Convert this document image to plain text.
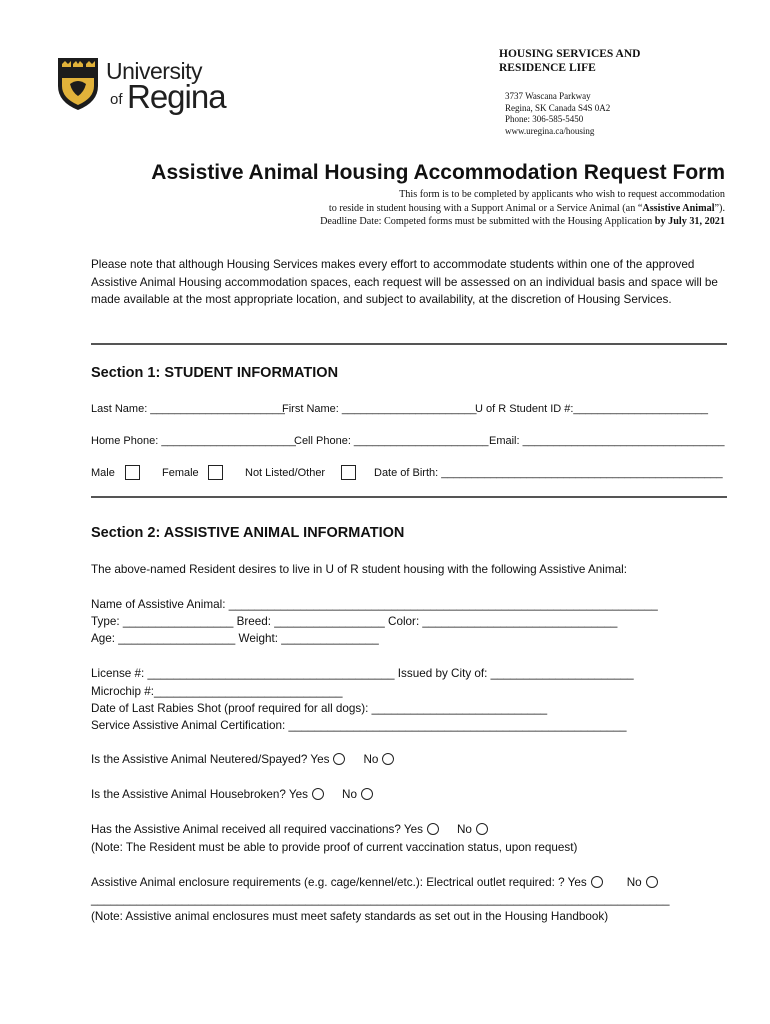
University
of Regina
HOUSING SERVICES AND
RESIDENCE LIFE
3737 Wascana Parkway
Regina, SK Canada S4S 0A2
Phone: 306-585-5450
www.uregina.ca/housing
Assistive Animal Housing Accommodation Request Form
This form is to be completed by applicants who wish to request accommodation
to reside in student housing with a Support Animal or a Service Animal (an “Assistive Animal”).
Deadline Date: Competed forms must be submitted with the Housing Application by July 31, 2021
Please note that although Housing Services makes every effort to accommodate students within one of the approved Assistive Animal Housing accommodation spaces, each request will be assessed on an individual basis and space will be made available at the most appropriate location, and subject to availability, at the discretion of Housing Services.
Section 1: STUDENT INFORMATION
Last Name: ______________________
First Name: ______________________
U of R Student ID #:______________________
Home Phone: ______________________
Cell Phone: ______________________ Email: _________________________________
Male	Female	Not Listed/Other	Date of Birth: ______________________________________________
Section 2: ASSISTIVE ANIMAL INFORMATION
The above-named Resident desires to live in U of R student housing with the following Assistive Animal:
Name of Assistive Animal: __________________________________________________________________
Type: _________________ Breed: _________________ Color: ______________________________
Age: __________________ Weight: _______________
License #: ______________________________________ Issued by City of: ______________________
Microchip #:_____________________________
Date of Last Rabies Shot (proof required for all dogs): ___________________________
Service Assistive Animal Certification: ____________________________________________________
Is the Assistive Animal Neutered/Spayed? Yes	No
Is the Assistive Animal Housebroken? Yes	No
Has the Assistive Animal received all required vaccinations? Yes	No
(Note: The Resident must be able to provide proof of current vaccination status, upon request)
Assistive Animal enclosure requirements (e.g. cage/kennel/etc.): Electrical outlet required: ? Yes	No
_________________________________________________________________________________________
(Note: Assistive animal enclosures must meet safety standards as set out in the Housing Handbook)
